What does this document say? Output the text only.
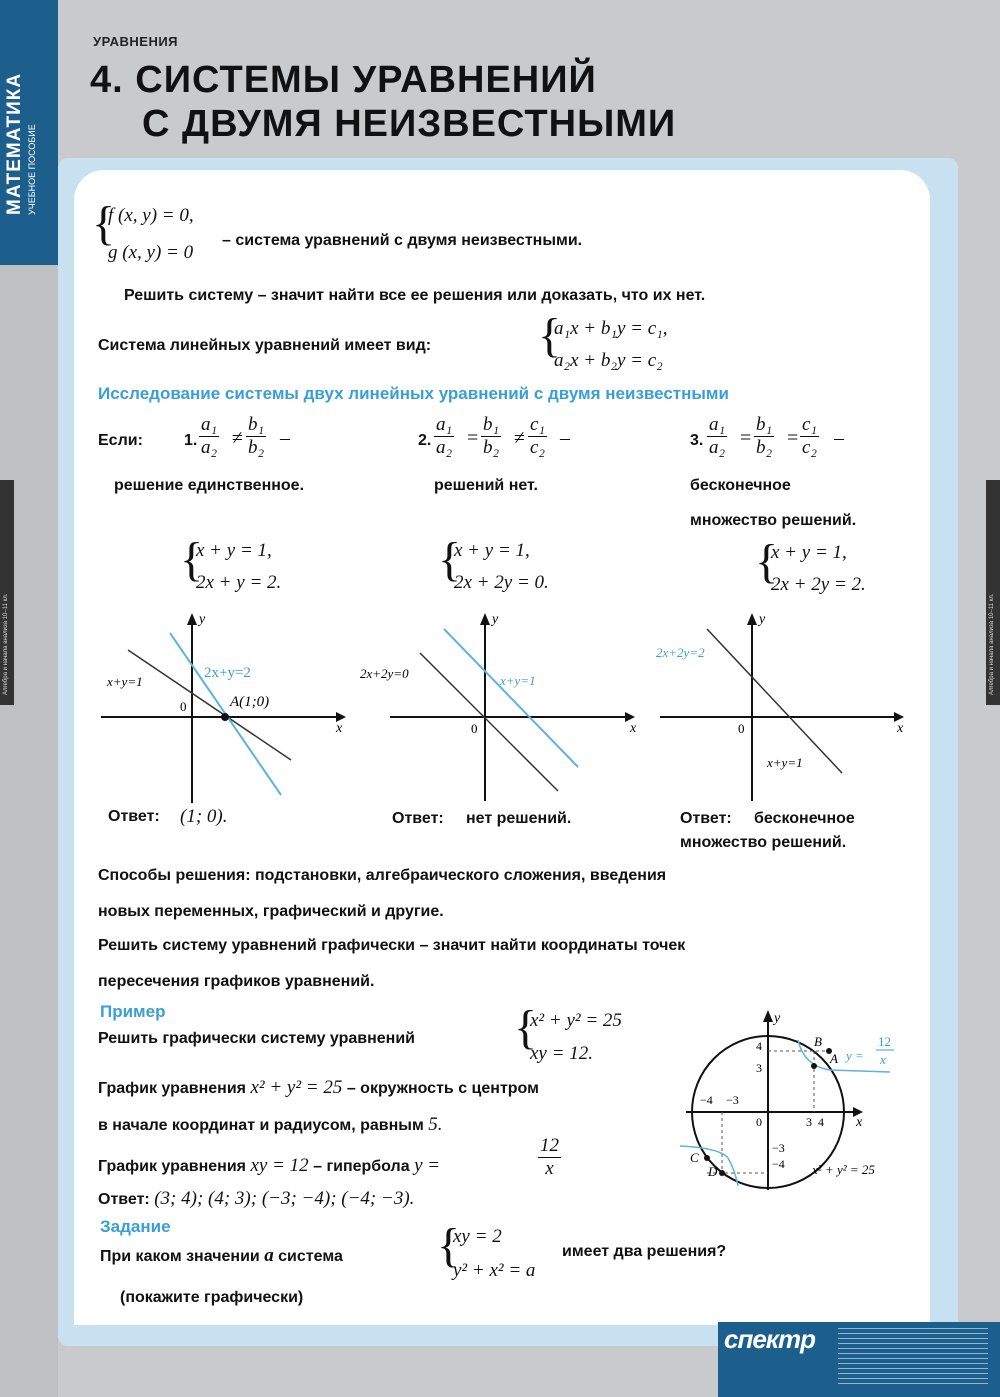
МАТЕМАТИКА УЧЕБНОЕ ПОСОБИЕ
Алгебра и начала анализа 10–11 кл.	Алгебра и начала анализа 10–11 кл.
УРАВНЕНИЯ
4. СИСТЕМЫ УРАВНЕНИЙ
С ДВУМЯ НЕИЗВЕСТНЫМИ
{
f (x, y) = 0,
g (x, y) = 0
– система уравнений с двумя неизвестными.
Решить систему – значит найти все ее решения или доказать, что их нет.
Система линейных уравнений имеет вид: {
a₁x + b₁y = c₁,
a₂x + b₂y = c₂
Исследование системы двух линейных уравнений с двумя неизвестными
Если:	1. $\frac{\text{a₁}}{\text{a₂}} \ne \frac{\text{b₁}}{\text{b₂}}$ –
решение единственное.
2. $\frac{\text{a₁}}{\text{a₂}} = \frac{\text{b₁}}{\text{b₂}} \ne \frac{\text{c₁}}{\text{c₂}}$ –
решений нет.
3. $\frac{\text{a₁}}{\text{a₂}} = \frac{\text{b₁}}{\text{b₂}} = \frac{\text{c₁}}{\text{c₂}}$ –
бесконечное
множество решений.
{
x + y = 1,
2x + y = 2.	{
x + y = 1,
2x + 2y = 0.	{
x + y = 1,
2x + 2y = 2.
x+y=1
2x+y=2
A(1;0)
0
x
y
2x+2y=0	x+y=1
0	x
y
2x+2y=2
x+y=1
0	x
y
Ответ: (1; 0).	Ответ: нет решений.	Ответ: бесконечное
множество решений.
Способы решения: подстановки, алгебраического сложения, введения
новых переменных, графический и другие.
Решить систему уравнений графически – значит найти координаты точек
пересечения графиков уравнений.
Пример
Решить графически систему уравнений {
x² + y² = 25
xy = 12.
График уравнения x² + y² = 25 – окружность с центром
в начале координат и радиусом, равным 5.
График уравнения xy = 12 – гипербола y =	$\frac{12}{x}$
Ответ: (3; 4); (4; 3); (−3; −4); (−4; −3).
4
3
−4 −3
0	3 4
−3
−4
x
y
A
B
C
D
y =
12
x
x² + y² = 25
Задание
При каком значении a система {
xy = 2
y² + x² = a
имеет два решения?
(покажите графически)
спектр
